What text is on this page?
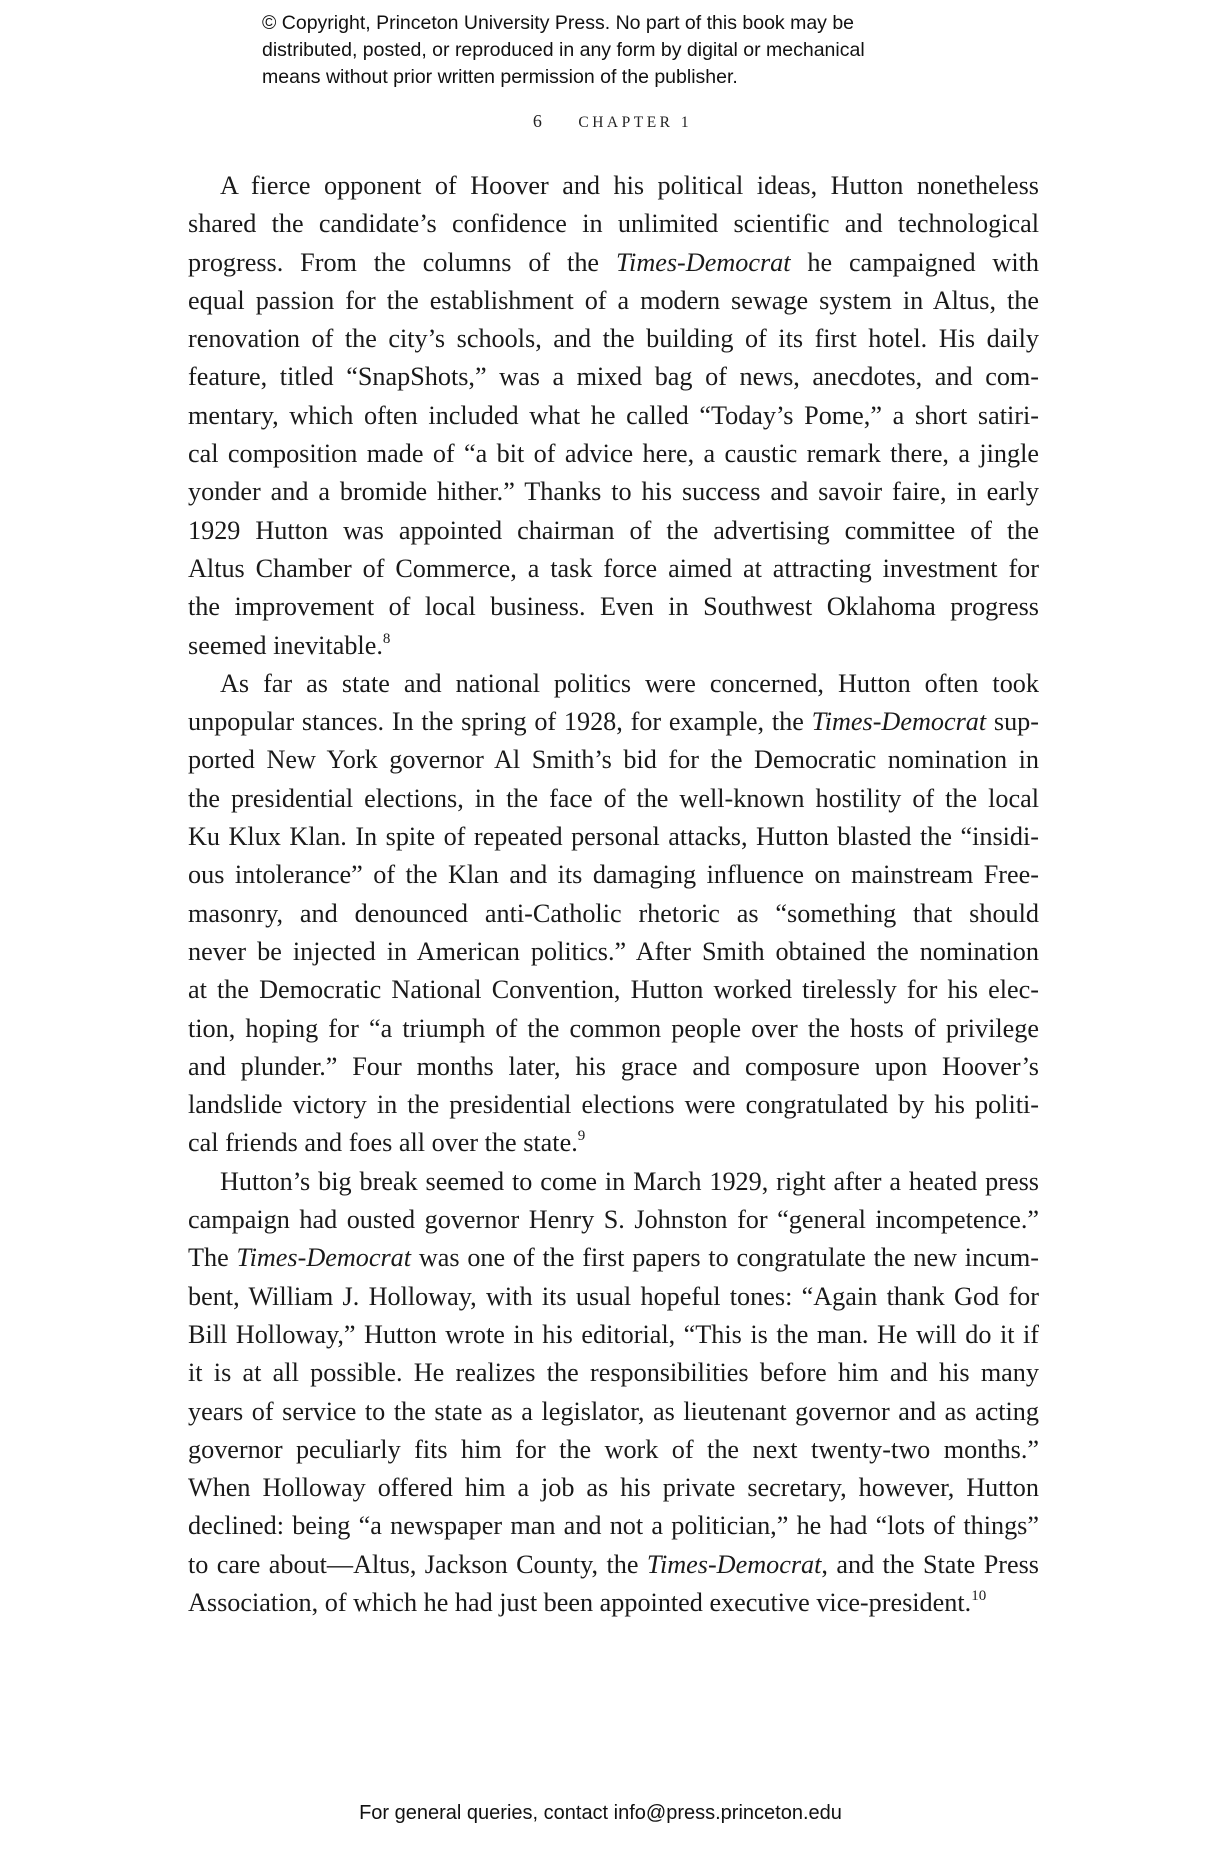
© Copyright, Princeton University Press. No part of this book may be
distributed, posted, or reproduced in any form by digital or mechanical
means without prior written permission of the publisher.
6 CHAPTER 1
A fierce opponent of Hoover and his political ideas, Hutton nonetheless
shared the candidate’s confidence in unlimited scientific and technological
progress. From the columns of the Times-Democrat he campaigned with
equal passion for the establishment of a modern sewage system in Altus, the
renovation of the city’s schools, and the building of its first hotel. His daily
feature, titled “SnapShots,” was a mixed bag of news, anecdotes, and com-
mentary, which often included what he called “Today’s Pome,” a short satiri-
cal composition made of “a bit of advice here, a caustic remark there, a jingle
yonder and a bromide hither.” Thanks to his success and savoir faire, in early
1929 Hutton was appointed chairman of the advertising committee of the
Altus Chamber of Commerce, a task force aimed at attracting investment for
the improvement of local business. Even in Southwest Oklahoma progress
seemed inevitable.$^8$
As far as state and national politics were concerned, Hutton often took
unpopular stances. In the spring of 1928, for example, the Times-Democrat sup-
ported New York governor Al Smith’s bid for the Democratic nomination in
the presidential elections, in the face of the well-known hostility of the local
Ku Klux Klan. In spite of repeated personal attacks, Hutton blasted the “insidi-
ous intolerance” of the Klan and its damaging influence on mainstream Free-
masonry, and denounced anti-Catholic rhetoric as “something that should
never be injected in American politics.” After Smith obtained the nomination
at the Democratic National Convention, Hutton worked tirelessly for his elec-
tion, hoping for “a triumph of the common people over the hosts of privilege
and plunder.” Four months later, his grace and composure upon Hoover’s
landslide victory in the presidential elections were congratulated by his politi-
cal friends and foes all over the state.$^9$
Hutton’s big break seemed to come in March 1929, right after a heated press
campaign had ousted governor Henry S. Johnston for “general incompetence.”
The Times-Democrat was one of the first papers to congratulate the new incum-
bent, William J. Holloway, with its usual hopeful tones: “Again thank God for
Bill Holloway,” Hutton wrote in his editorial, “This is the man. He will do it if
it is at all possible. He realizes the responsibilities before him and his many
years of service to the state as a legislator, as lieutenant governor and as acting
governor peculiarly fits him for the work of the next twenty-two months.”
When Holloway offered him a job as his private secretary, however, Hutton
declined: being “a newspaper man and not a politician,” he had “lots of things”
to care about—Altus, Jackson County, the Times-Democrat, and the State Press
Association, of which he had just been appointed executive vice-president.$^{10}$
For general queries, contact info@press.princeton.edu
